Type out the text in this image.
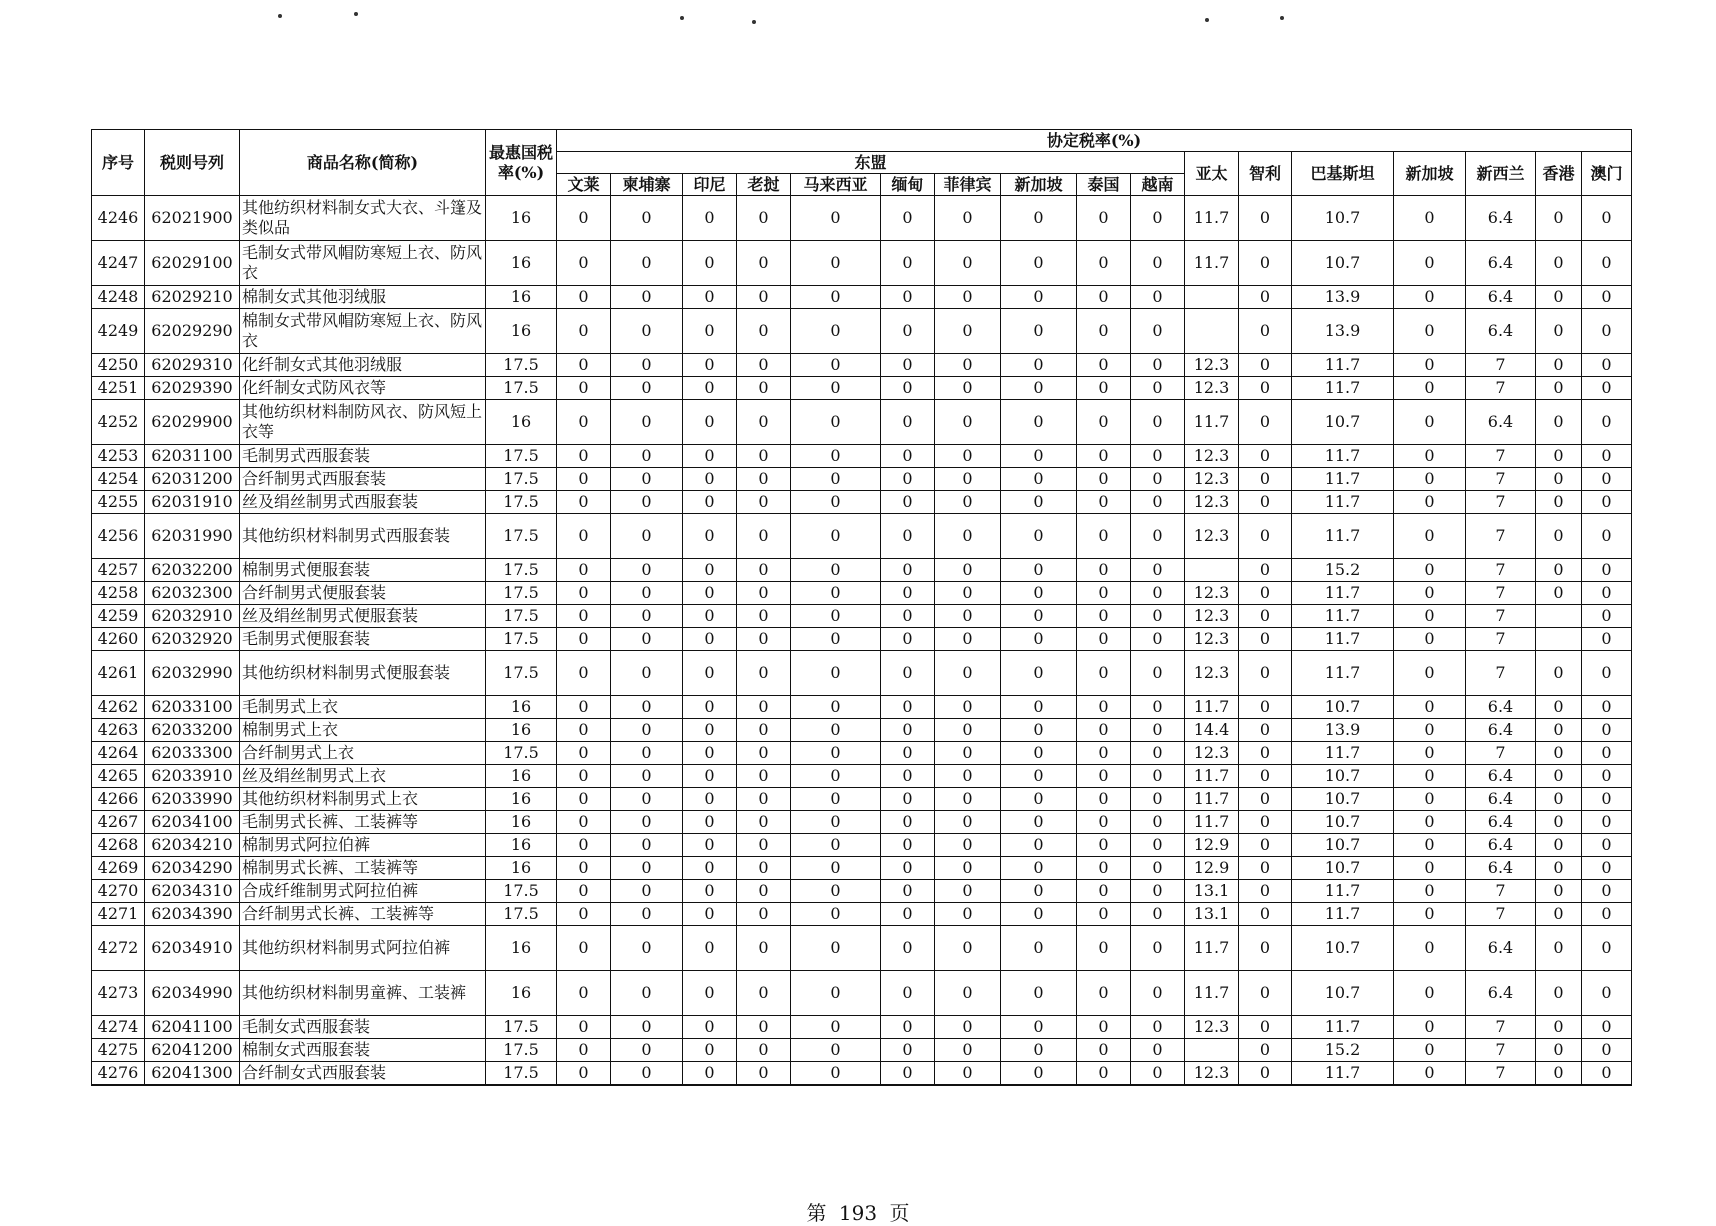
序号	税则号列	商品名称(简称)	最惠国税率(%)	协定税率(%)																
				东盟										亚太	智利	巴基斯坦	新加坡	新西兰	香港	澳门
				文莱	柬埔寨	印尼	老挝	马来西亚	缅甸	菲律宾	新加坡	泰国	越南							
4246	62021900	其他纺织材料制女式大衣、斗篷及类似品	16	0	0	0	0	0	0	0	0	0	0	11.7	0	10.7	0	6.4	0	0
4247	62029100	毛制女式带风帽防寒短上衣、防风衣	16	0	0	0	0	0	0	0	0	0	0	11.7	0	10.7	0	6.4	0	0
4248	62029210	棉制女式其他羽绒服	16	0	0	0	0	0	0	0	0	0	0		0	13.9	0	6.4	0	0
4249	62029290	棉制女式带风帽防寒短上衣、防风衣	16	0	0	0	0	0	0	0	0	0	0		0	13.9	0	6.4	0	0
4250	62029310	化纤制女式其他羽绒服	17.5	0	0	0	0	0	0	0	0	0	0	12.3	0	11.7	0	7	0	0
4251	62029390	化纤制女式防风衣等	17.5	0	0	0	0	0	0	0	0	0	0	12.3	0	11.7	0	7	0	0
4252	62029900	其他纺织材料制防风衣、防风短上衣等	16	0	0	0	0	0	0	0	0	0	0	11.7	0	10.7	0	6.4	0	0
4253	62031100	毛制男式西服套装	17.5	0	0	0	0	0	0	0	0	0	0	12.3	0	11.7	0	7	0	0
4254	62031200	合纤制男式西服套装	17.5	0	0	0	0	0	0	0	0	0	0	12.3	0	11.7	0	7	0	0
4255	62031910	丝及绢丝制男式西服套装	17.5	0	0	0	0	0	0	0	0	0	0	12.3	0	11.7	0	7	0	0
4256	62031990	其他纺织材料制男式西服套装	17.5	0	0	0	0	0	0	0	0	0	0	12.3	0	11.7	0	7	0	0
4257	62032200	棉制男式便服套装	17.5	0	0	0	0	0	0	0	0	0	0		0	15.2	0	7	0	0
4258	62032300	合纤制男式便服套装	17.5	0	0	0	0	0	0	0	0	0	0	12.3	0	11.7	0	7	0	0
4259	62032910	丝及绢丝制男式便服套装	17.5	0	0	0	0	0	0	0	0	0	0	12.3	0	11.7	0	7		0
4260	62032920	毛制男式便服套装	17.5	0	0	0	0	0	0	0	0	0	0	12.3	0	11.7	0	7		0
4261	62032990	其他纺织材料制男式便服套装	17.5	0	0	0	0	0	0	0	0	0	0	12.3	0	11.7	0	7	0	0
4262	62033100	毛制男式上衣	16	0	0	0	0	0	0	0	0	0	0	11.7	0	10.7	0	6.4	0	0
4263	62033200	棉制男式上衣	16	0	0	0	0	0	0	0	0	0	0	14.4	0	13.9	0	6.4	0	0
4264	62033300	合纤制男式上衣	17.5	0	0	0	0	0	0	0	0	0	0	12.3	0	11.7	0	7	0	0
4265	62033910	丝及绢丝制男式上衣	16	0	0	0	0	0	0	0	0	0	0	11.7	0	10.7	0	6.4	0	0
4266	62033990	其他纺织材料制男式上衣	16	0	0	0	0	0	0	0	0	0	0	11.7	0	10.7	0	6.4	0	0
4267	62034100	毛制男式长裤、工装裤等	16	0	0	0	0	0	0	0	0	0	0	11.7	0	10.7	0	6.4	0	0
4268	62034210	棉制男式阿拉伯裤	16	0	0	0	0	0	0	0	0	0	0	12.9	0	10.7	0	6.4	0	0
4269	62034290	棉制男式长裤、工装裤等	16	0	0	0	0	0	0	0	0	0	0	12.9	0	10.7	0	6.4	0	0
4270	62034310	合成纤维制男式阿拉伯裤	17.5	0	0	0	0	0	0	0	0	0	0	13.1	0	11.7	0	7	0	0
4271	62034390	合纤制男式长裤、工装裤等	17.5	0	0	0	0	0	0	0	0	0	0	13.1	0	11.7	0	7	0	0
4272	62034910	其他纺织材料制男式阿拉伯裤	16	0	0	0	0	0	0	0	0	0	0	11.7	0	10.7	0	6.4	0	0
4273	62034990	其他纺织材料制男童裤、工装裤	16	0	0	0	0	0	0	0	0	0	0	11.7	0	10.7	0	6.4	0	0
4274	62041100	毛制女式西服套装	17.5	0	0	0	0	0	0	0	0	0	0	12.3	0	11.7	0	7	0	0
4275	62041200	棉制女式西服套装	17.5	0	0	0	0	0	0	0	0	0	0		0	15.2	0	7	0	0
4276	62041300	合纤制女式西服套装	17.5	0	0	0	0	0	0	0	0	0	0	12.3	0	11.7	0	7	0	0
第 193 页
